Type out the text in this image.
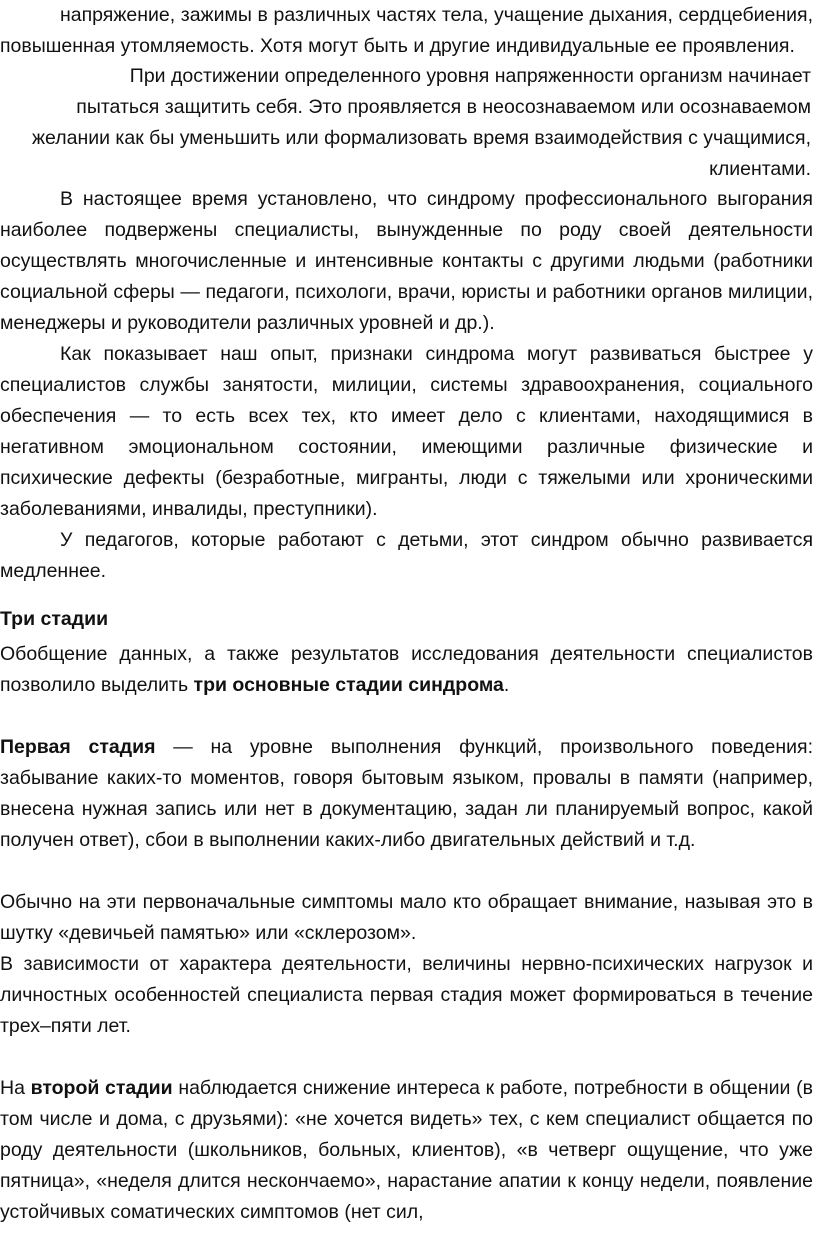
напряжение, зажимы в различных частях тела, учащение дыхания, сердцебиения, повышенная утомляемость. Хотя могут быть и другие индивидуальные ее проявления.

При достижении определенного уровня напряженности организм начинает пытаться защитить себя. Это проявляется в неосознаваемом или осознаваемом желании как бы уменьшить или формализовать время взаимодействия с учащимися, клиентами.

В настоящее время установлено, что синдрому профессионального выгорания наиболее подвержены специалисты, вынужденные по роду своей деятельности осуществлять многочисленные и интенсивные контакты с другими людьми (работники социальной сферы — педагоги, психологи, врачи, юристы и работники органов милиции, менеджеры и руководители различных уровней и др.).

Как показывает наш опыт, признаки синдрома могут развиваться быстрее у специалистов службы занятости, милиции, системы здравоохранения, социального обеспечения — то есть всех тех, кто имеет дело с клиентами, находящимися в негативном эмоциональном состоянии, имеющими различные физические и психические дефекты (безработные, мигранты, люди с тяжелыми или хроническими заболеваниями, инвалиды, преступники).

У педагогов, которые работают с детьми, этот синдром обычно развивается медленнее.

Три стадии

Обобщение данных, а также результатов исследования деятельности специалистов позволило выделить три основные стадии синдрома.

Первая стадия — на уровне выполнения функций, произвольного поведения: забывание каких-то моментов, говоря бытовым языком, провалы в памяти (например, внесена нужная запись или нет в документацию, задан ли планируемый вопрос, какой получен ответ), сбои в выполнении каких-либо двигательных действий и т.д.

Обычно на эти первоначальные симптомы мало кто обращает внимание, называя это в шутку «девичьей памятью» или «склерозом».

В зависимости от характера деятельности, величины нервно-психических нагрузок и личностных особенностей специалиста первая стадия может формироваться в течение трех–пяти лет.

На второй стадии наблюдается снижение интереса к работе, потребности в общении (в том числе и дома, с друзьями): «не хочется видеть» тех, с кем специалист общается по роду деятельности (школьников, больных, клиентов), «в четверг ощущение, что уже пятница», «неделя длится нескончаемо», нарастание апатии к концу недели, появление устойчивых соматических симптомов (нет сил,
